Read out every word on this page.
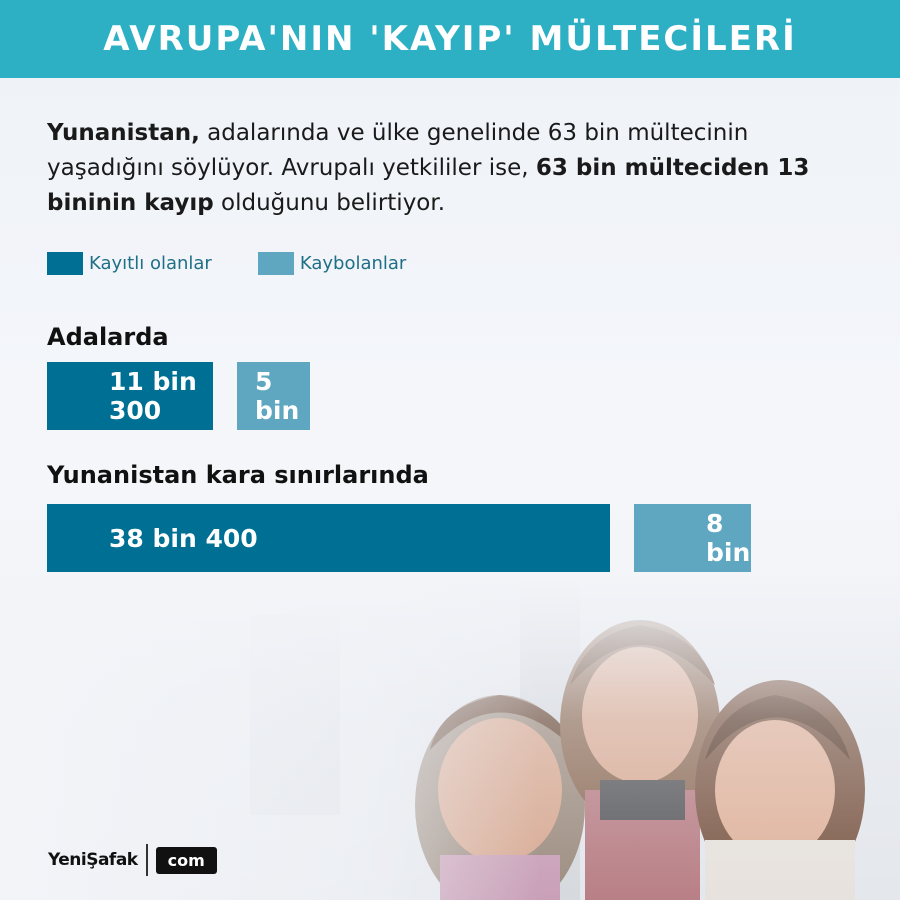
AVRUPA'NIN 'KAYIP' MÜLTECİLERİ
Yunanistan, adalarında ve ülke genelinde 63 bin mültecinin yaşadığını söylüyor. Avrupalı yetkililer ise, 63 bin mülteciden 13 bininin kayıp olduğunu belirtiyor.
Kayıtlı olanlar	Kaybolanlar
Adalarda
11 bin 300
5 bin
Yunanistan kara sınırlarında
38 bin 400	8 bin
YeniŞafak	com
